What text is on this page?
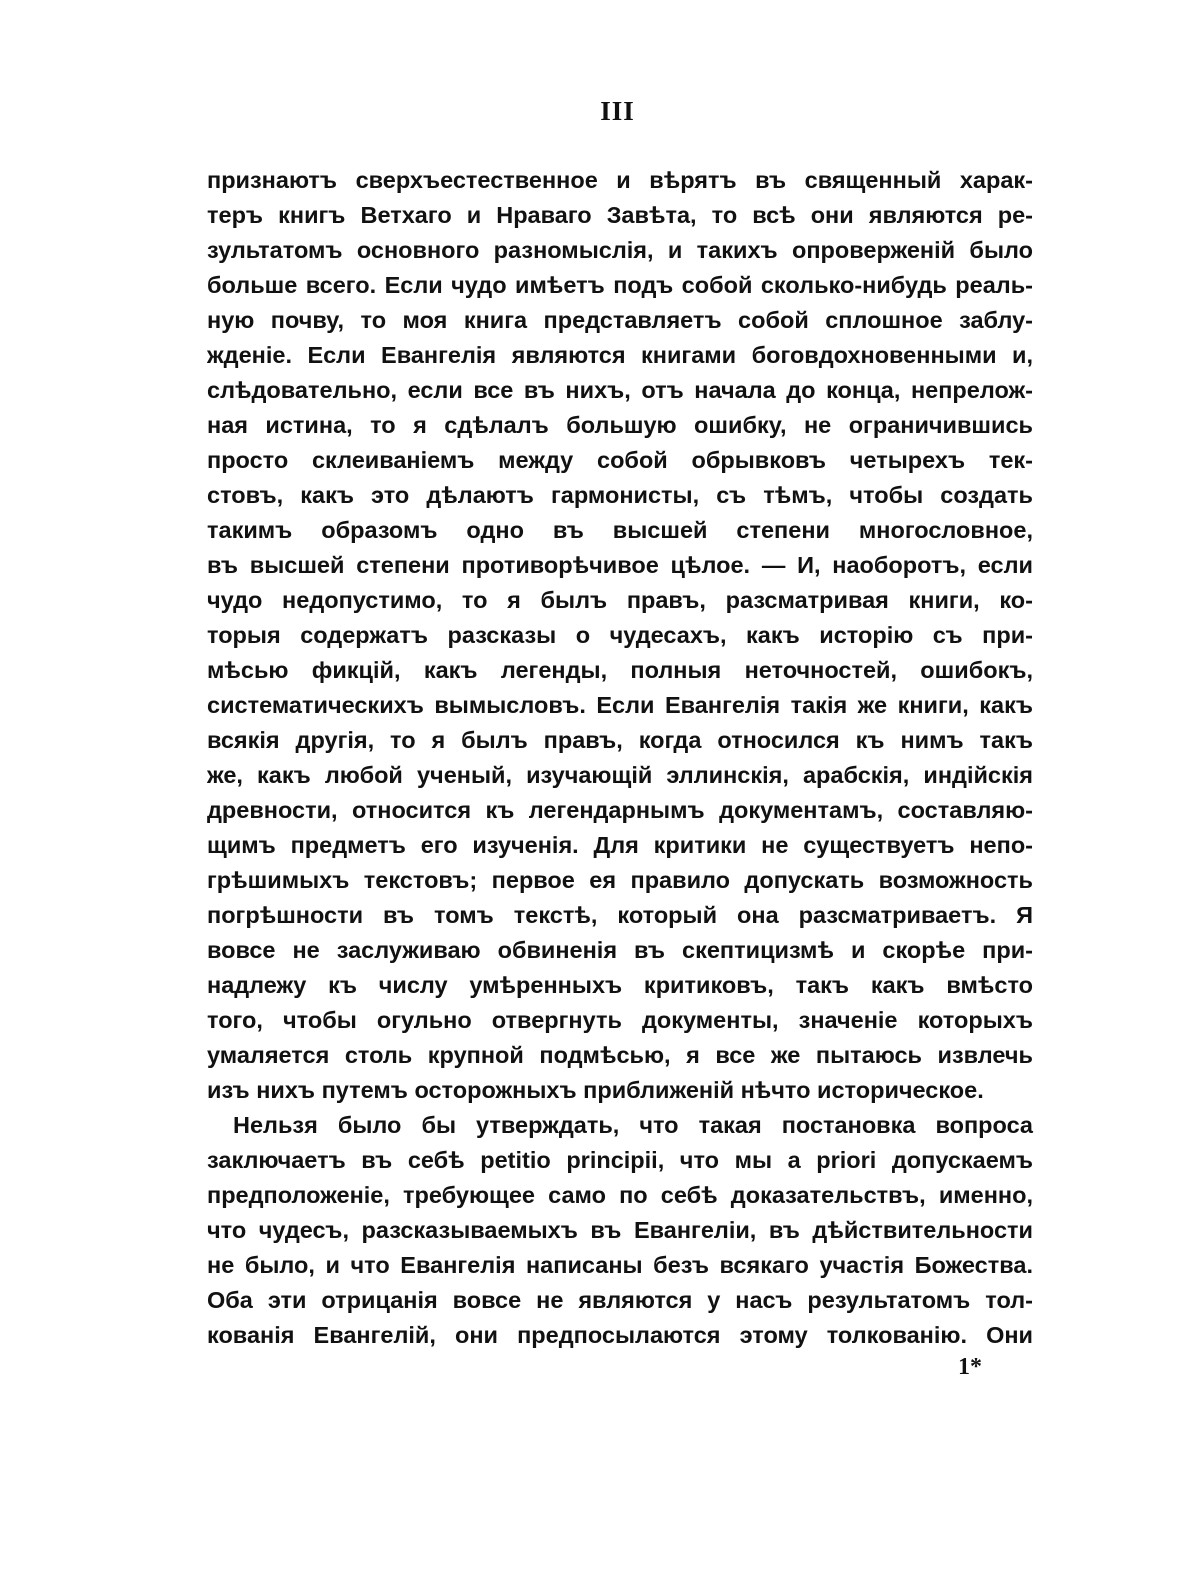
III
признаютъ сверхъестественное и вѣрятъ въ священный харак-
теръ книгъ Ветхаго и Нраваго Завѣта, то всѣ они являются ре-
зультатомъ основного разномыслія, и такихъ опроверженій было
больше всего. Если чудо имѣетъ подъ собой сколько-нибудь реаль-
ную почву, то моя книга представляетъ собой сплошное заблу-
жденіе. Если Евангелія являются книгами боговдохновенными и,
слѣдовательно, если все въ нихъ, отъ начала до конца, непрелож-
ная истина, то я сдѣлалъ большую ошибку, не ограничившись
просто склеиваніемъ между собой обрывковъ четырехъ тек-
стовъ, какъ это дѣлаютъ гармонисты, съ тѣмъ, чтобы создать
такимъ образомъ одно въ высшей степени многословное,
въ высшей степени противорѣчивое цѣлое. — И, наоборотъ, если
чудо недопустимо, то я былъ правъ, разсматривая книги, ко-
торыя содержатъ разсказы о чудесахъ, какъ исторію съ при-
мѣсью фикцій, какъ легенды, полныя неточностей, ошибокъ,
систематическихъ вымысловъ. Если Евангелія такія же книги, какъ
всякія другія, то я былъ правъ, когда относился къ нимъ такъ
же, какъ любой ученый, изучающій эллинскія, арабскія, индійскія
древности, относится къ легендарнымъ документамъ, составляю-
щимъ предметъ его изученія. Для критики не существуетъ непо-
грѣшимыхъ текстовъ; первое ея правило допускать возможность
погрѣшности въ томъ текстѣ, который она разсматриваетъ. Я
вовсе не заслуживаю обвиненія въ скептицизмѣ и скорѣе при-
надлежу къ числу умѣренныхъ критиковъ, такъ какъ вмѣсто
того, чтобы огульно отвергнуть документы, значеніе которыхъ
умаляется столь крупной подмѣсью, я все же пытаюсь извлечь
изъ нихъ путемъ осторожныхъ приближеній нѣчто историческое.
Нельзя было бы утверждать, что такая постановка вопроса
заключаетъ въ себѣ petitio principii, что мы a priori допускаемъ
предположеніе, требующее само по себѣ доказательствъ, именно,
что чудесъ, разсказываемыхъ въ Евангеліи, въ дѣйствительности
не было, и что Евангелія написаны безъ всякаго участія Божества.
Оба эти отрицанія вовсе не являются у насъ результатомъ тол-
кованія Евангелій, они предпосылаются этому толкованію. Они
1*
